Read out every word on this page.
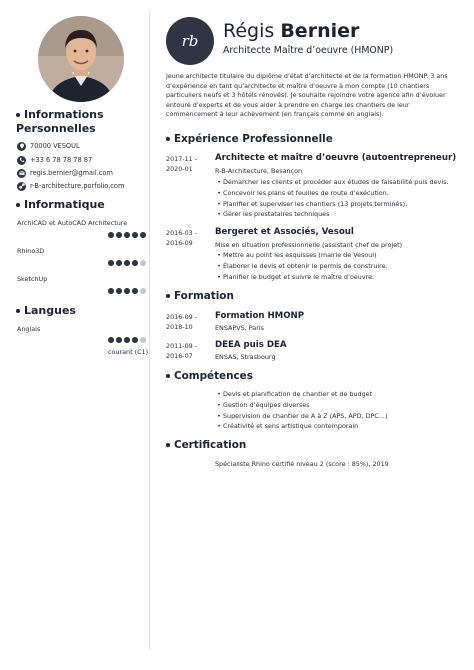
Informations Personnelles
70000 VESOUL
+33 6 78 78 78 87
regis.bernier@gmail.com
r-B-architecture.porfolio.com
Informatique
ArchiCAD et AutoCAD Architecture
Rhino3D
SketchUp
Langues
Anglais
courant (C1)
rb	Régis Bernier
Architecte Maître d’oeuvre (HMONP)
Jeune architecte titulaire du diplôme d’état d’architecte et de la formation HMONP. 3 ans d’expérience en tant qu’architecte et maître d’oeuvre à mon compte (10 chantiers particuliers neufs et 3 hôtels rénovés). Je souhaite rejoindre votre agence afin d’évoluer entouré d’experts et de vous aider à prendre en charge les chantiers de leur commencement à leur achèvement (en français comme en anglais).
Expérience Professionnelle
2017-11 -
2020-01
Architecte et maître d’oeuvre (autoentrepreneur)
R-B-Architecture, Besançon
• Démarcher les clients et procéder aux études de faisabilité puis devis.
• Concevoir les plans et feuilles de route d’exécution.
• Planifier et superviser les chantiers (13 projets terminés).
• Gérer les prestataires techniques
2016-03 -
2016-09
Bergeret et Associés, Vesoul
Mise en situation professionnelle (assistant chef de projet)
• Mettre au point les esquisses (mairie de Vesoul)
• Élaborer le devis et obtenir le permis de construire.
• Planifier le budget et suivre le maître d’oeuvre.
Formation
2016-09 -
2018-10
Formation HMONP
ENSAPVS, Paris
2011-09 -
2016-07
DEEA puis DEA
ENSAS, Strasbourg
Compétences
• Devis et planification de chantier et de budget
• Gestion d’équipes diverses
• Supervision de chantier de A à Z (APS, APD, DPC...)
• Créativité et sens artistique contemporain
Certification
Spécialiste Rhino certifié niveau 2 (score : 85%), 2019
